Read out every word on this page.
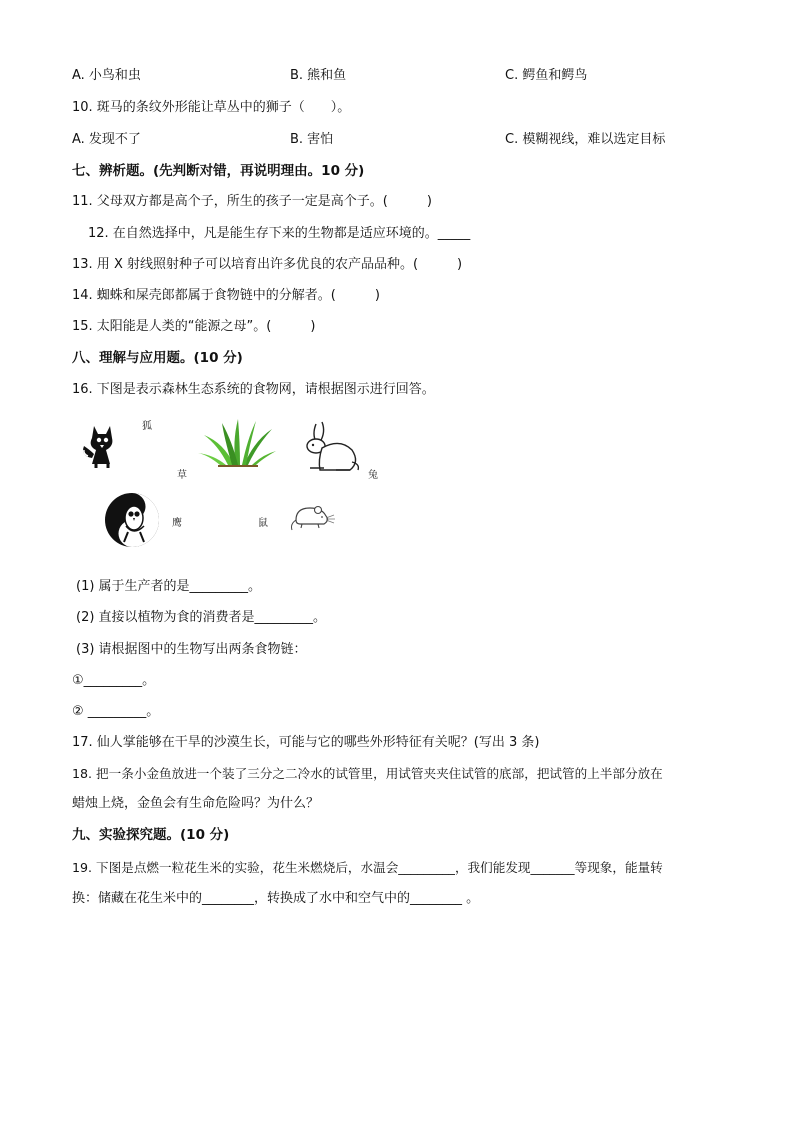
A. 小鸟和虫	B. 熊和鱼	C. 鳄鱼和鳄鸟
10. 斑马的条纹外形能让草丛中的狮子（　　）。
A. 发现不了	B. 害怕	C. 模糊视线，难以选定目标
七、辨析题。(先判断对错，再说明理由。10 分)
11. 父母双方都是高个子，所生的孩子一定是高个子。(　　　)
12. 在自然选择中，凡是能生存下来的生物都是适应环境的。_____
13. 用 X 射线照射种子可以培育出许多优良的农产品品种。(　　　)
14. 蜘蛛和屎壳郎都属于食物链中的分解者。(　　　)
15. 太阳能是人类的“能源之母”。(　　　)
八、理解与应用题。(10 分)
16. 下图是表示森林生态系统的食物网，请根据图示进行回答。
狐
草	兔
鹰	鼠
(1) 属于生产者的是_________。
(2) 直接以植物为食的消费者是_________。
(3) 请根据图中的生物写出两条食物链：
①_________。
② _________。
17. 仙人掌能够在干旱的沙漠生长，可能与它的哪些外形特征有关呢？(写出 3 条)
18. 把一条小金鱼放进一个装了三分之二冷水的试管里，用试管夹夹住试管的底部，把试管的上半部分放在
蜡烛上烧，金鱼会有生命危险吗？为什么？
九、实验探究题。(10 分)
19. 下图是点燃一粒花生米的实验，花生米燃烧后，水温会_________，我们能发现_______等现象，能量转
换：储藏在花生米中的________，转换成了水中和空气中的________ 。
